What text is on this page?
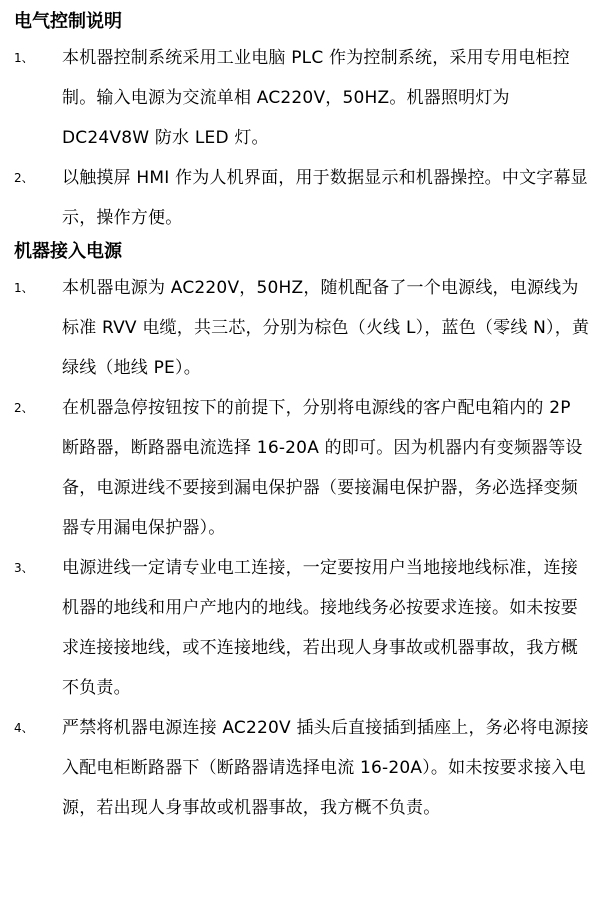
电气控制说明
1、 本机器控制系统采用工业电脑 PLC 作为控制系统，采用专用电柜控制。输入电源为交流单相 AC220V，50HZ。机器照明灯为 DC24V8W 防水 LED 灯。
2、 以触摸屏 HMI 作为人机界面，用于数据显示和机器操控。中文字幕显示，操作方便。
机器接入电源
1、 本机器电源为 AC220V，50HZ，随机配备了一个电源线，电源线为标准 RVV 电缆，共三芯，分别为棕色（火线 L），蓝色（零线 N），黄绿线（地线 PE）。
2、 在机器急停按钮按下的前提下，分别将电源线的客户配电箱内的 2P 断路器，断路器电流选择 16-20A 的即可。因为机器内有变频器等设备，电源进线不要接到漏电保护器（要接漏电保护器，务必选择变频器专用漏电保护器）。
3、 电源进线一定请专业电工连接，一定要按用户当地接地线标准，连接机器的地线和用户产地内的地线。接地线务必按要求连接。如未按要求连接接地线，或不连接地线，若出现人身事故或机器事故，我方概不负责。
4、 严禁将机器电源连接 AC220V 插头后直接插到插座上，务必将电源接入配电柜断路器下（断路器请选择电流 16-20A）。如未按要求接入电源，若出现人身事故或机器事故，我方概不负责。
